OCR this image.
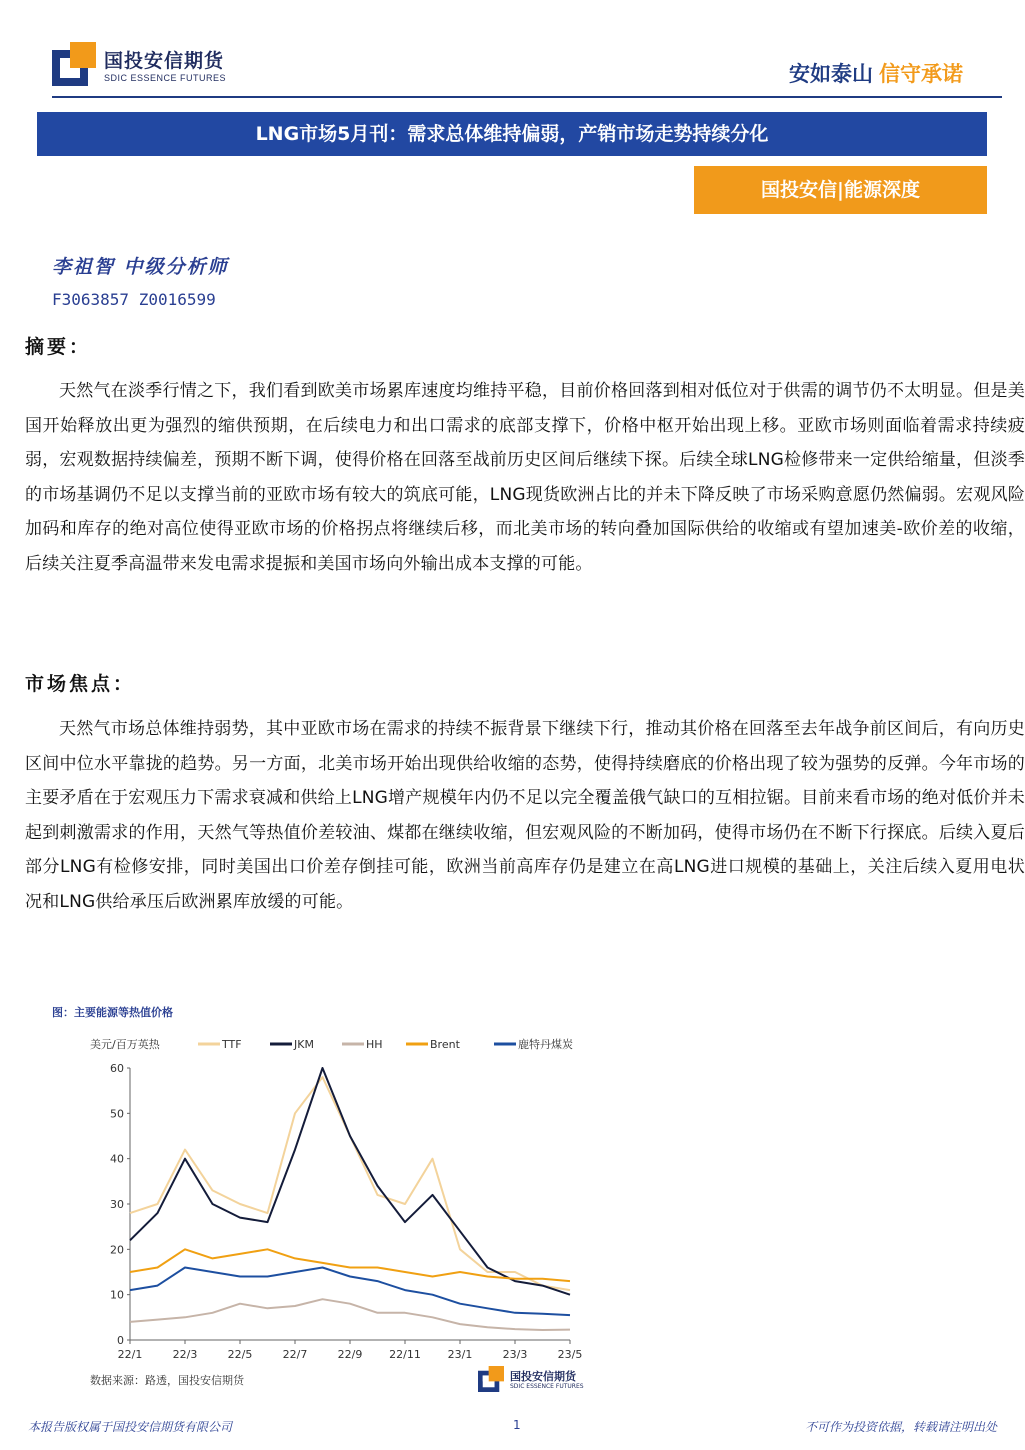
国投安信期货
SDIC ESSENCE FUTURES	安如泰山 信守承诺
LNG市场5月刊：需求总体维持偏弱，产销市场走势持续分化
国投安信|能源深度
李祖智 中级分析师
F3063857 Z0016599
摘要：
天然气在淡季行情之下，我们看到欧美市场累库速度均维持平稳，目前价格回落到相对低位对于供需的调节仍不太明显。但是美国开始释放出更为强烈的缩供预期，在后续电力和出口需求的底部支撑下，价格中枢开始出现上移。亚欧市场则面临着需求持续疲弱，宏观数据持续偏差，预期不断下调，使得价格在回落至战前历史区间后继续下探。后续全球LNG检修带来一定供给缩量，但淡季的市场基调仍不足以支撑当前的亚欧市场有较大的筑底可能，LNG现货欧洲占比的并未下降反映了市场采购意愿仍然偏弱。宏观风险加码和库存的绝对高位使得亚欧市场的价格拐点将继续后移，而北美市场的转向叠加国际供给的收缩或有望加速美-欧价差的收缩，后续关注夏季高温带来发电需求提振和美国市场向外输出成本支撑的可能。
市场焦点：
天然气市场总体维持弱势，其中亚欧市场在需求的持续不振背景下继续下行，推动其价格在回落至去年战争前区间后，有向历史区间中位水平靠拢的趋势。另一方面，北美市场开始出现供给收缩的态势，使得持续磨底的价格出现了较为强势的反弹。今年市场的主要矛盾在于宏观压力下需求衰减和供给上LNG增产规模年内仍不足以完全覆盖俄气缺口的互相拉锯。目前来看市场的绝对低价并未起到刺激需求的作用，天然气等热值价差较油、煤都在继续收缩，但宏观风险的不断加码，使得市场仍在不断下行探底。后续入夏后部分LNG有检修安排，同时美国出口价差存倒挂可能，欧洲当前高库存仍是建立在高LNG进口规模的基础上，关注后续入夏用电状况和LNG供给承压后欧洲累库放缓的可能。
图：主要能源等热值价格
美元/百万英热	TTF	JKM	HH	Brent	鹿特丹煤炭
0
10
20
30
40
50
60
22/1	22/3	22/5	22/7	22/9 22/11 23/1	23/3	23/5
数据来源：路透，国投安信期货	国投安信期货
SDIC ESSENCE FUTURES
本报告版权属于国投安信期货有限公司	1	不可作为投资依据，转载请注明出处
